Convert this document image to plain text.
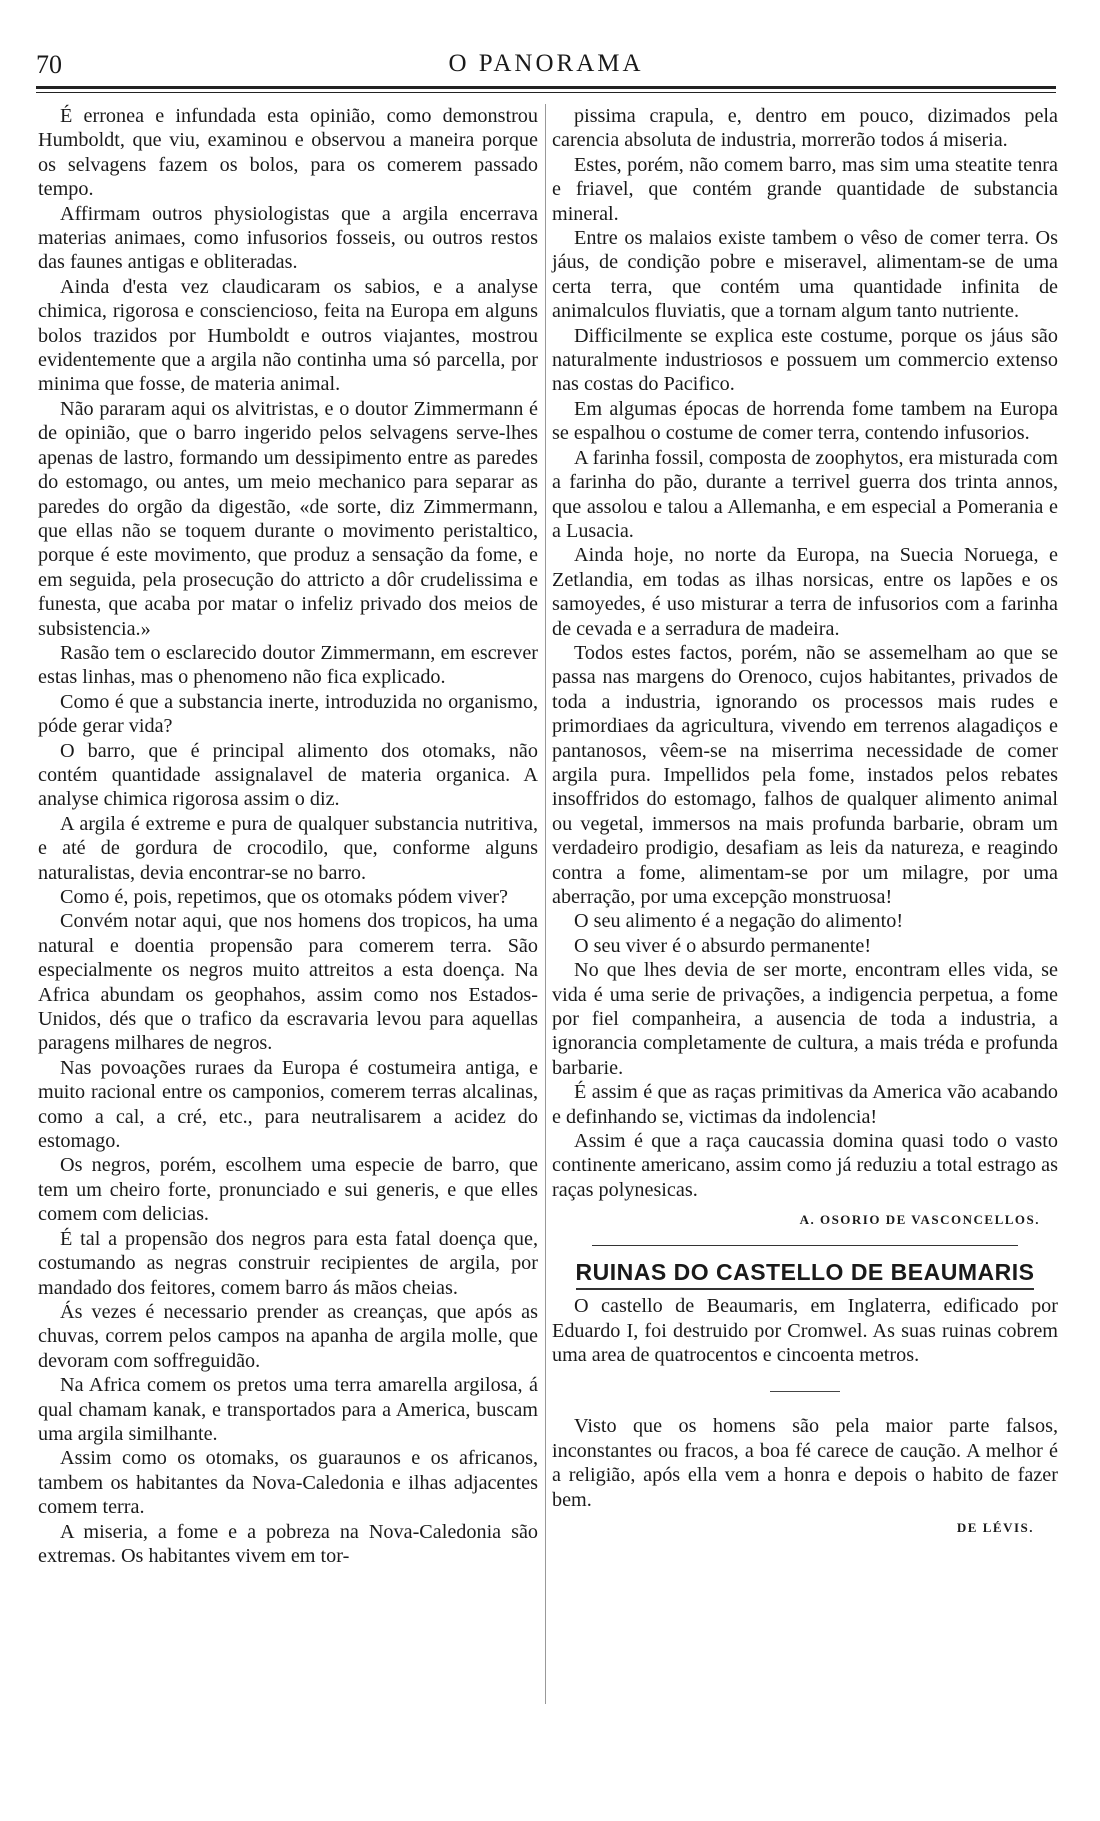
70	O PANORAMA

É erronea e infundada esta opinião, como demonstrou Humboldt, que viu, examinou e observou a maneira porque os selvagens fazem os bolos, para os comerem passado tempo.

Affirmam outros physiologistas que a argila encerrava materias animaes, como infusorios fosseis, ou outros restos das faunes antigas e obliteradas.

Ainda d'esta vez claudicaram os sabios, e a analyse chimica, rigorosa e consciencioso, feita na Europa em alguns bolos trazidos por Humboldt e outros viajantes, mostrou evidentemente que a argila não continha uma só parcella, por minima que fosse, de materia animal.

Não pararam aqui os alvitristas, e o doutor Zimmermann é de opinião, que o barro ingerido pelos selvagens serve-lhes apenas de lastro, formando um dessipimento entre as paredes do estomago, ou antes, um meio mechanico para separar as paredes do orgão da digestão, «de sorte, diz Zimmermann, que ellas não se toquem durante o movimento peristaltico, porque é este movimento, que produz a sensação da fome, e em seguida, pela prosecução do attricto a dôr crudelissima e funesta, que acaba por matar o infeliz privado dos meios de subsistencia.»

Rasão tem o esclarecido doutor Zimmermann, em escrever estas linhas, mas o phenomeno não fica explicado.

Como é que a substancia inerte, introduzida no organismo, póde gerar vida?

O barro, que é principal alimento dos otomaks, não contém quantidade assignalavel de materia organica. A analyse chimica rigorosa assim o diz.

A argila é extreme e pura de qualquer substancia nutritiva, e até de gordura de crocodilo, que, conforme alguns naturalistas, devia encontrar-se no barro.

Como é, pois, repetimos, que os otomaks pódem viver?

Convém notar aqui, que nos homens dos tropicos, ha uma natural e doentia propensão para comerem terra. São especialmente os negros muito attreitos a esta doença. Na Africa abundam os geophahos, assim como nos Estados-Unidos, dés que o trafico da escravaria levou para aquellas paragens milhares de negros.

Nas povoações ruraes da Europa é costumeira antiga, e muito racional entre os camponios, comerem terras alcalinas, como a cal, a cré, etc., para neutralisarem a acidez do estomago.

Os negros, porém, escolhem uma especie de barro, que tem um cheiro forte, pronunciado e sui generis, e que elles comem com delicias.

É tal a propensão dos negros para esta fatal doença que, costumando as negras construir recipientes de argila, por mandado dos feitores, comem barro ás mãos cheias.

Ás vezes é necessario prender as creanças, que após as chuvas, correm pelos campos na apanha de argila molle, que devoram com soffreguidão.

Na Africa comem os pretos uma terra amarella argilosa, á qual chamam kanak, e transportados para a America, buscam uma argila similhante.

Assim como os otomaks, os guaraunos e os africanos, tambem os habitantes da Nova-Caledonia e ilhas adjacentes comem terra.

A miseria, a fome e a pobreza na Nova-Caledonia são extremas. Os habitantes vivem em tor-

pissima crapula, e, dentro em pouco, dizimados pela carencia absoluta de industria, morrerão todos á miseria.

Estes, porém, não comem barro, mas sim uma steatite tenra e friavel, que contém grande quantidade de substancia mineral.

Entre os malaios existe tambem o vêso de comer terra. Os jáus, de condição pobre e miseravel, alimentam-se de uma certa terra, que contém uma quantidade infinita de animalculos fluviatis, que a tornam algum tanto nutriente.

Difficilmente se explica este costume, porque os jáus são naturalmente industriosos e possuem um commercio extenso nas costas do Pacifico.

Em algumas épocas de horrenda fome tambem na Europa se espalhou o costume de comer terra, contendo infusorios.

A farinha fossil, composta de zoophytos, era misturada com a farinha do pão, durante a terrivel guerra dos trinta annos, que assolou e talou a Allemanha, e em especial a Pomerania e a Lusacia.

Ainda hoje, no norte da Europa, na Suecia Noruega, e Zetlandia, em todas as ilhas norsicas, entre os lapões e os samoyedes, é uso misturar a terra de infusorios com a farinha de cevada e a serradura de madeira.

Todos estes factos, porém, não se assemelham ao que se passa nas margens do Orenoco, cujos habitantes, privados de toda a industria, ignorando os processos mais rudes e primordiaes da agricultura, vivendo em terrenos alagadiços e pantanosos, vêem-se na miserrima necessidade de comer argila pura. Impellidos pela fome, instados pelos rebates insoffridos do estomago, falhos de qualquer alimento animal ou vegetal, immersos na mais profunda barbarie, obram um verdadeiro prodigio, desafiam as leis da natureza, e reagindo contra a fome, alimentam-se por um milagre, por uma aberração, por uma excepção monstruosa!

O seu alimento é a negação do alimento!

O seu viver é o absurdo permanente!

No que lhes devia de ser morte, encontram elles vida, se vida é uma serie de privações, a indigencia perpetua, a fome por fiel companheira, a ausencia de toda a industria, a ignorancia completamente de cultura, a mais tréda e profunda barbarie.

É assim é que as raças primitivas da America vão acabando e definhando se, victimas da indolencia!

Assim é que a raça caucassia domina quasi todo o vasto continente americano, assim como já reduziu a total estrago as raças polynesicas.

A. OSORIO DE VASCONCELLOS.
RUINAS DO CASTELLO DE BEAUMARIS

O castello de Beaumaris, em Inglaterra, edificado por Eduardo I, foi destruido por Cromwel. As suas ruinas cobrem uma area de quatrocentos e cincoenta metros.

Visto que os homens são pela maior parte falsos, inconstantes ou fracos, a boa fé carece de caução. A melhor é a religião, após ella vem a honra e depois o habito de fazer bem.

DE LÉVIS.
